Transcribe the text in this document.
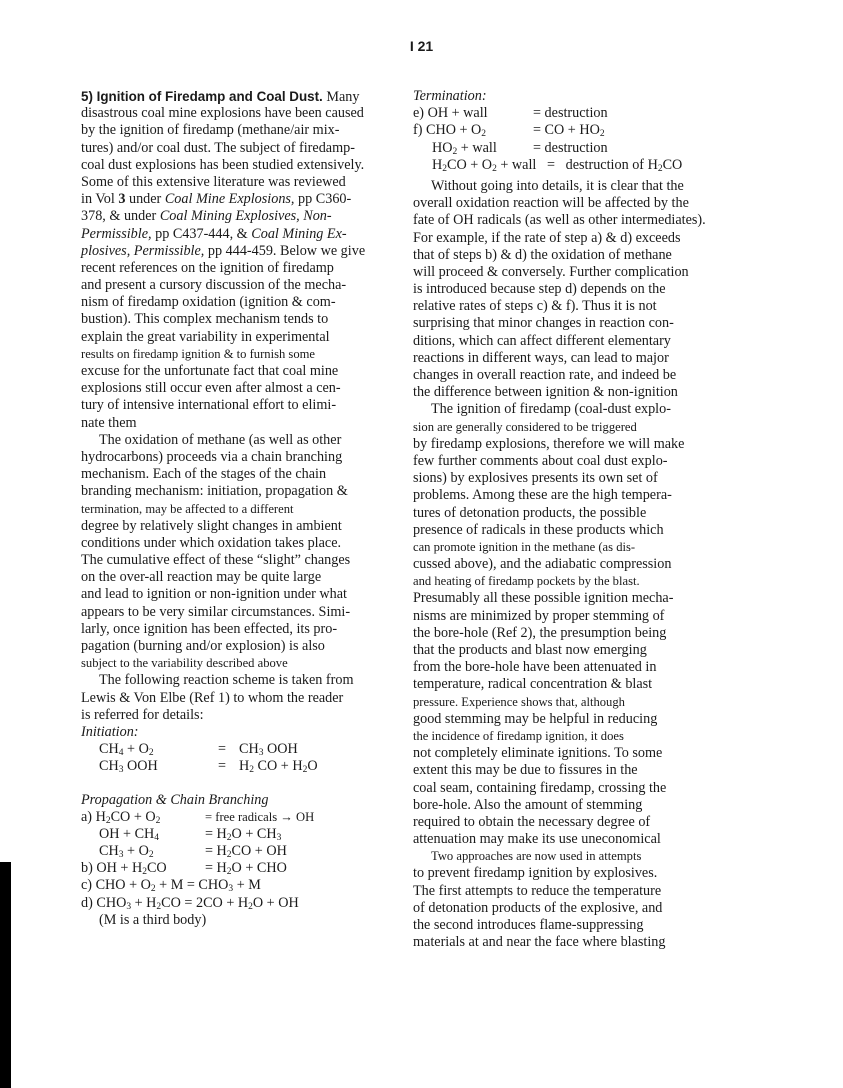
I 21
5) Ignition of Firedamp and Coal Dust. Many
disastrous coal mine explosions have been caused
by the ignition of firedamp (methane/air mix-
tures) and/or coal dust. The subject of firedamp-
coal dust explosions has been studied extensively.
Some of this extensive literature was reviewed
in Vol 3 under Coal Mine Explosions, pp C360-
378, & under Coal Mining Explosives, Non-
Permissible, pp C437-444, & Coal Mining Ex-
plosives, Permissible, pp 444-459. Below we give
recent references on the ignition of firedamp
and present a cursory discussion of the mecha-
nism of firedamp oxidation (ignition & com-
bustion). This complex mechanism tends to
explain the great variability in experimental
results on firedamp ignition & to furnish some
excuse for the unfortunate fact that coal mine
explosions still occur even after almost a cen-
tury of intensive international effort to elimi-
nate them
The oxidation of methane (as well as other
hydrocarbons) proceeds via a chain branching
mechanism. Each of the stages of the chain
branding mechanism: initiation, propagation &
termination, may be affected to a different
degree by relatively slight changes in ambient
conditions under which oxidation takes place.
The cumulative effect of these “slight” changes
on the over-all reaction may be quite large
and lead to ignition or non-ignition under what
appears to be very similar circumstances. Simi-
larly, once ignition has been effected, its pro-
pagation (burning and/or explosion) is also
subject to the variability described above
The following reaction scheme is taken from
Lewis & Von Elbe (Ref 1) to whom the reader
is referred for details:
Initiation:
$CH_4 + O_2$	= $CH_3$ OOH
$CH_3$ OOH	= $H_2$ CO + $H_2O$
Propagation & Chain Branching
a) $H_2CO + O_2$	= free radicals → OH
OH + $CH_4$	= $H_2O + CH_3$
$CH_3 + O_2$	= $H_2CO$ + OH
b) OH + $H_2CO$	= $H_2O$ + CHO
c) CHO + $O_2 + M = CHO_3 + M$
d) $CHO_3 + H_2CO = 2CO + H_2O$ + OH
(M is a third body)
Termination:
e) OH + wall	= destruction
f) CHO + $O_2$	= CO + $HO_2$
$HO_2$ + wall	= destruction
$H_2CO + O_2$ + wall   =   destruction of $H_2CO$
Without going into details, it is clear that the
overall oxidation reaction will be affected by the
fate of OH radicals (as well as other intermediates).
For example, if the rate of step a) & d) exceeds
that of steps b) & d) the oxidation of methane
will proceed & conversely. Further complication
is introduced because step d) depends on the
relative rates of steps c) & f). Thus it is not
surprising that minor changes in reaction con-
ditions, which can affect different elementary
reactions in different ways, can lead to major
changes in overall reaction rate, and indeed be
the difference between ignition & non-ignition
The ignition of firedamp (coal-dust explo-
sion are generally considered to be triggered
by firedamp explosions, therefore we will make
few further comments about coal dust explo-
sions) by explosives presents its own set of
problems. Among these are the high tempera-
tures of detonation products, the possible
presence of radicals in these products which
can promote ignition in the methane (as dis-
cussed above), and the adiabatic compression
and heating of firedamp pockets by the blast.
Presumably all these possible ignition mecha-
nisms are minimized by proper stemming of
the bore-hole (Ref 2), the presumption being
that the products and blast now emerging
from the bore-hole have been attenuated in
temperature, radical concentration & blast
pressure. Experience shows that, although
good stemming may be helpful in reducing
the incidence of firedamp ignition, it does
not completely eliminate ignitions. To some
extent this may be due to fissures in the
coal seam, containing firedamp, crossing the
bore-hole. Also the amount of stemming
required to obtain the necessary degree of
attenuation may make its use uneconomical
Two approaches are now used in attempts
to prevent firedamp ignition by explosives.
The first attempts to reduce the temperature
of detonation products of the explosive, and
the second introduces flame-suppressing
materials at and near the face where blasting
